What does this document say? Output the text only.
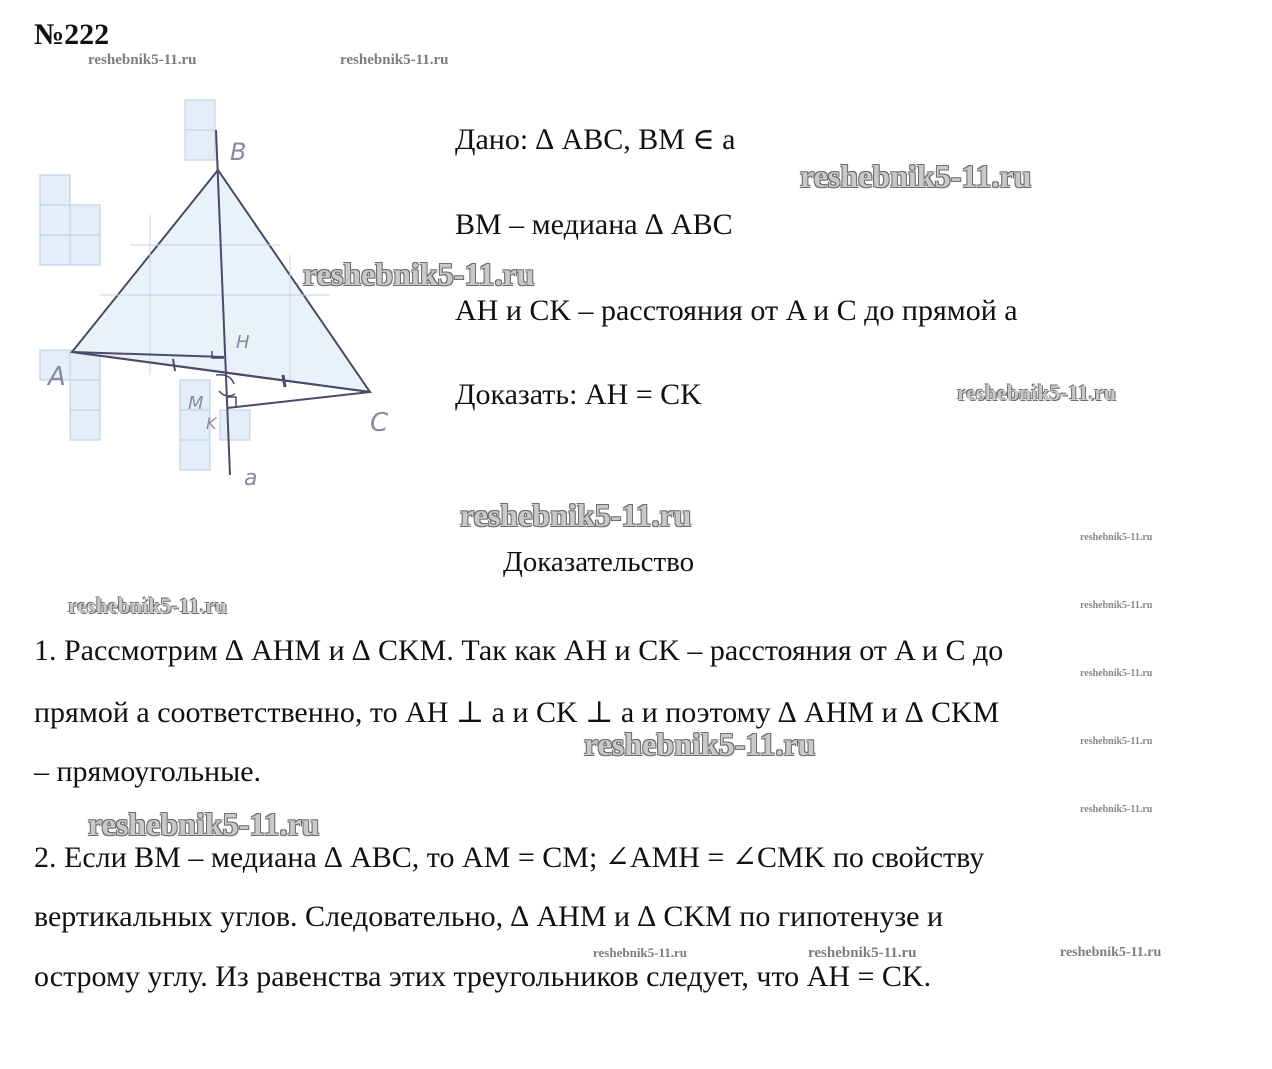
№222
reshebnik5-11.ru	reshebnik5-11.ru
B
A
C
H
M
K
a
Дано: ∆ ABC, BM ∈ a
reshebnik5-11.ru
BM – медиана ∆ ABC
reshebnik5-11.ru
AH и CK – расстояния от A и C до прямой a
Доказать: AH = CK	reshebnik5-11.ru
reshebnik5-11.ru
reshebnik5-11.ru
Доказательство
reshebnik5-11.ru	reshebnik5-11.ru
1. Рассмотрим ∆ AHM и ∆ CKM. Так как AH и CK – расстояния от A и C до
reshebnik5-11.ru
прямой a соответственно, то AH ⊥ a и CK ⊥ a и поэтому ∆ AHM и ∆ CKM
reshebnik5-11.ru	reshebnik5-11.ru
– прямоугольные.
reshebnik5-11.ru	reshebnik5-11.ru
2. Если BM – медиана ∆ ABC, то AM = CM; ∠AMH = ∠CMK по свойству
вертикальных углов. Следовательно, ∆ AHM и ∆ CKM по гипотенузе и
reshebnik5-11.ru	reshebnik5-11.ru	reshebnik5-11.ru
острому углу. Из равенства этих треугольников следует, что AH = CK.
